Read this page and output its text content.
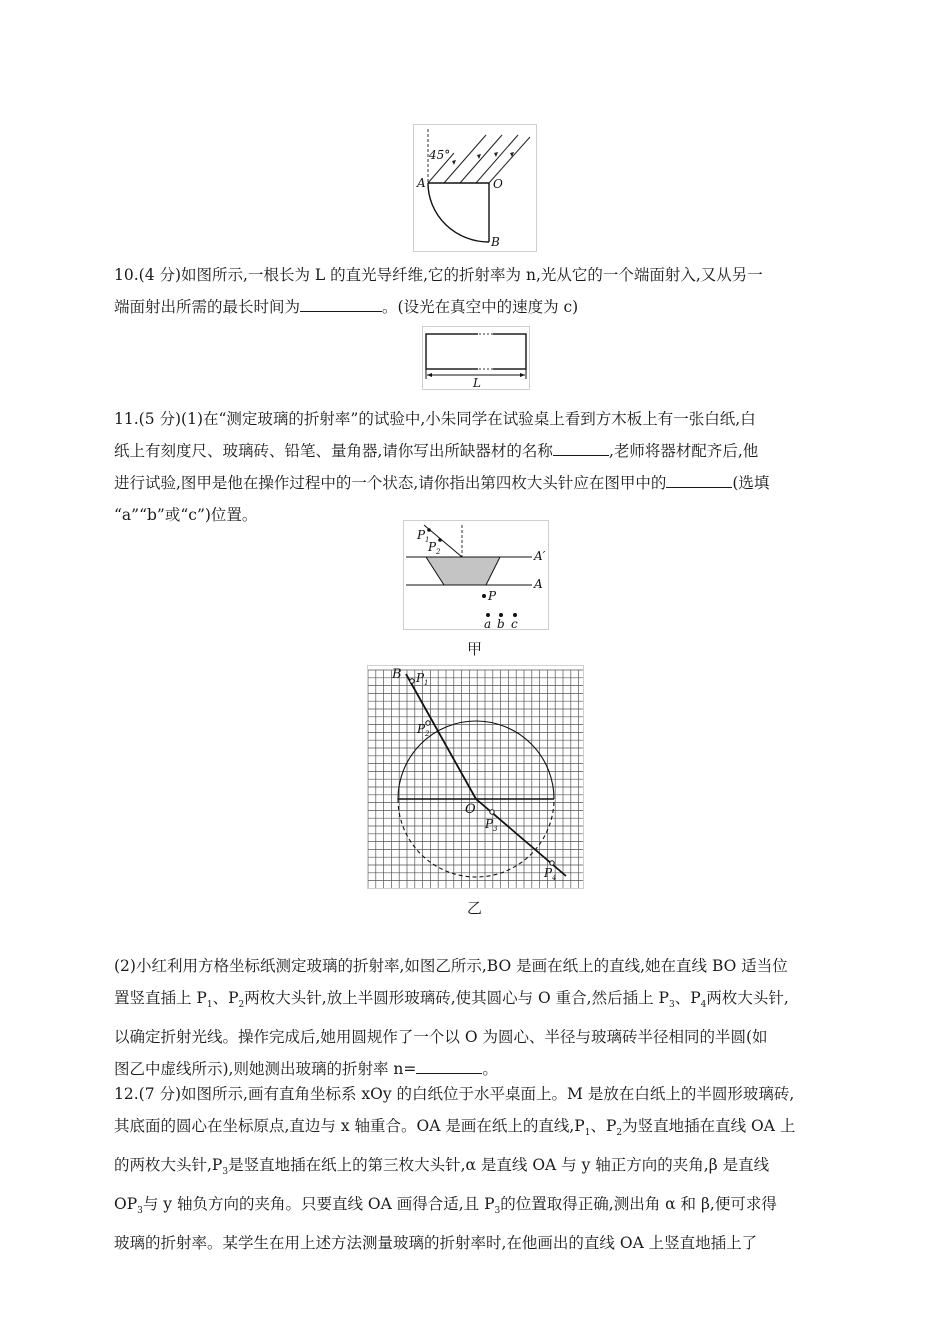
45°
A	O
B
10.(4 分)如图所示,一根长为 L 的直光导纤维,它的折射率为 n,光从它的一个端面射入,又从另一
端面射出所需的最长时间为	。(设光在真空中的速度为 c)
L
11.(5 分)(1)在“测定玻璃的折射率”的试验中,小朱同学在试验桌上看到方木板上有一张白纸,白
纸上有刻度尺、玻璃砖、铅笔、量角器,请你写出所缺器材的名称	,老师将器材配齐后,他
进行试验,图甲是他在操作过程中的一个状态,请你指出第四枚大头针应在图甲中的	(选填
“a”“b”或“c”)位置。
P 1
P 2	A′
A
P
a b c
甲
B P 1
P 2
O
P 3
P 4
乙
(2)小红利用方格坐标纸测定玻璃的折射率,如图乙所示,BO 是画在纸上的直线,她在直线 BO 适当位
置竖直插上 $P_1$、$P_2$两枚大头针,放上半圆形玻璃砖,使其圆心与 O 重合,然后插上 $P_3$、$P_4$两枚大头针,
以确定折射光线。操作完成后,她用圆规作了一个以 O 为圆心、半径与玻璃砖半径相同的半圆(如
图乙中虚线所示),则她测出玻璃的折射率 n=	。
12.(7 分)如图所示,画有直角坐标系 xOy 的白纸位于水平桌面上。M 是放在白纸上的半圆形玻璃砖,
其底面的圆心在坐标原点,直边与 x 轴重合。OA 是画在纸上的直线$,P_1$、$P_2$为竖直地插在直线 OA 上
的两枚大头针$,P_3$是竖直地插在纸上的第三枚大头针,α 是直线 OA 与 y 轴正方向的夹角,β 是直线
$OP_3$与 y 轴负方向的夹角。只要直线 OA 画得合适,且 $P_3$的位置取得正确,测出角 α 和 β,便可求得
玻璃的折射率。某学生在用上述方法测量玻璃的折射率时,在他画出的直线 OA 上竖直地插上了
